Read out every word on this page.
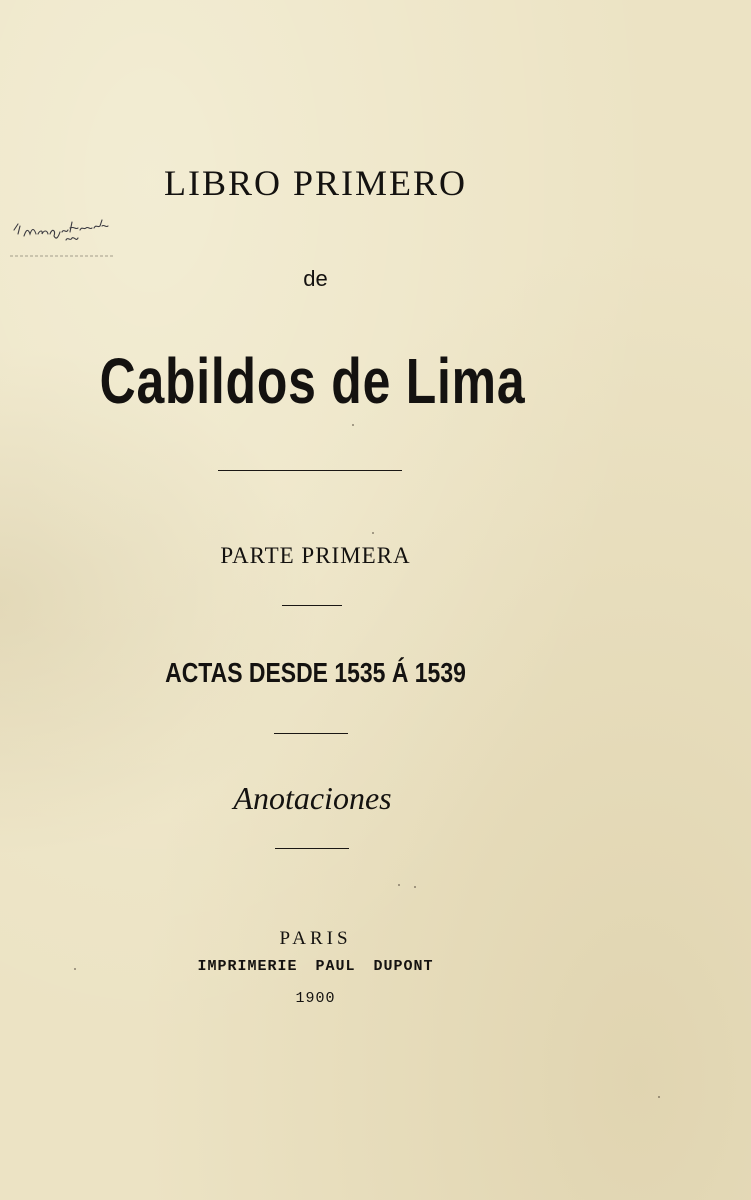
LIBRO PRIMERO
de
Cabildos de Lima
PARTE PRIMERA
ACTAS DESDE 1535 Á 1539
Anotaciones
PARIS
IMPRIMERIE PAUL DUPONT
1900
